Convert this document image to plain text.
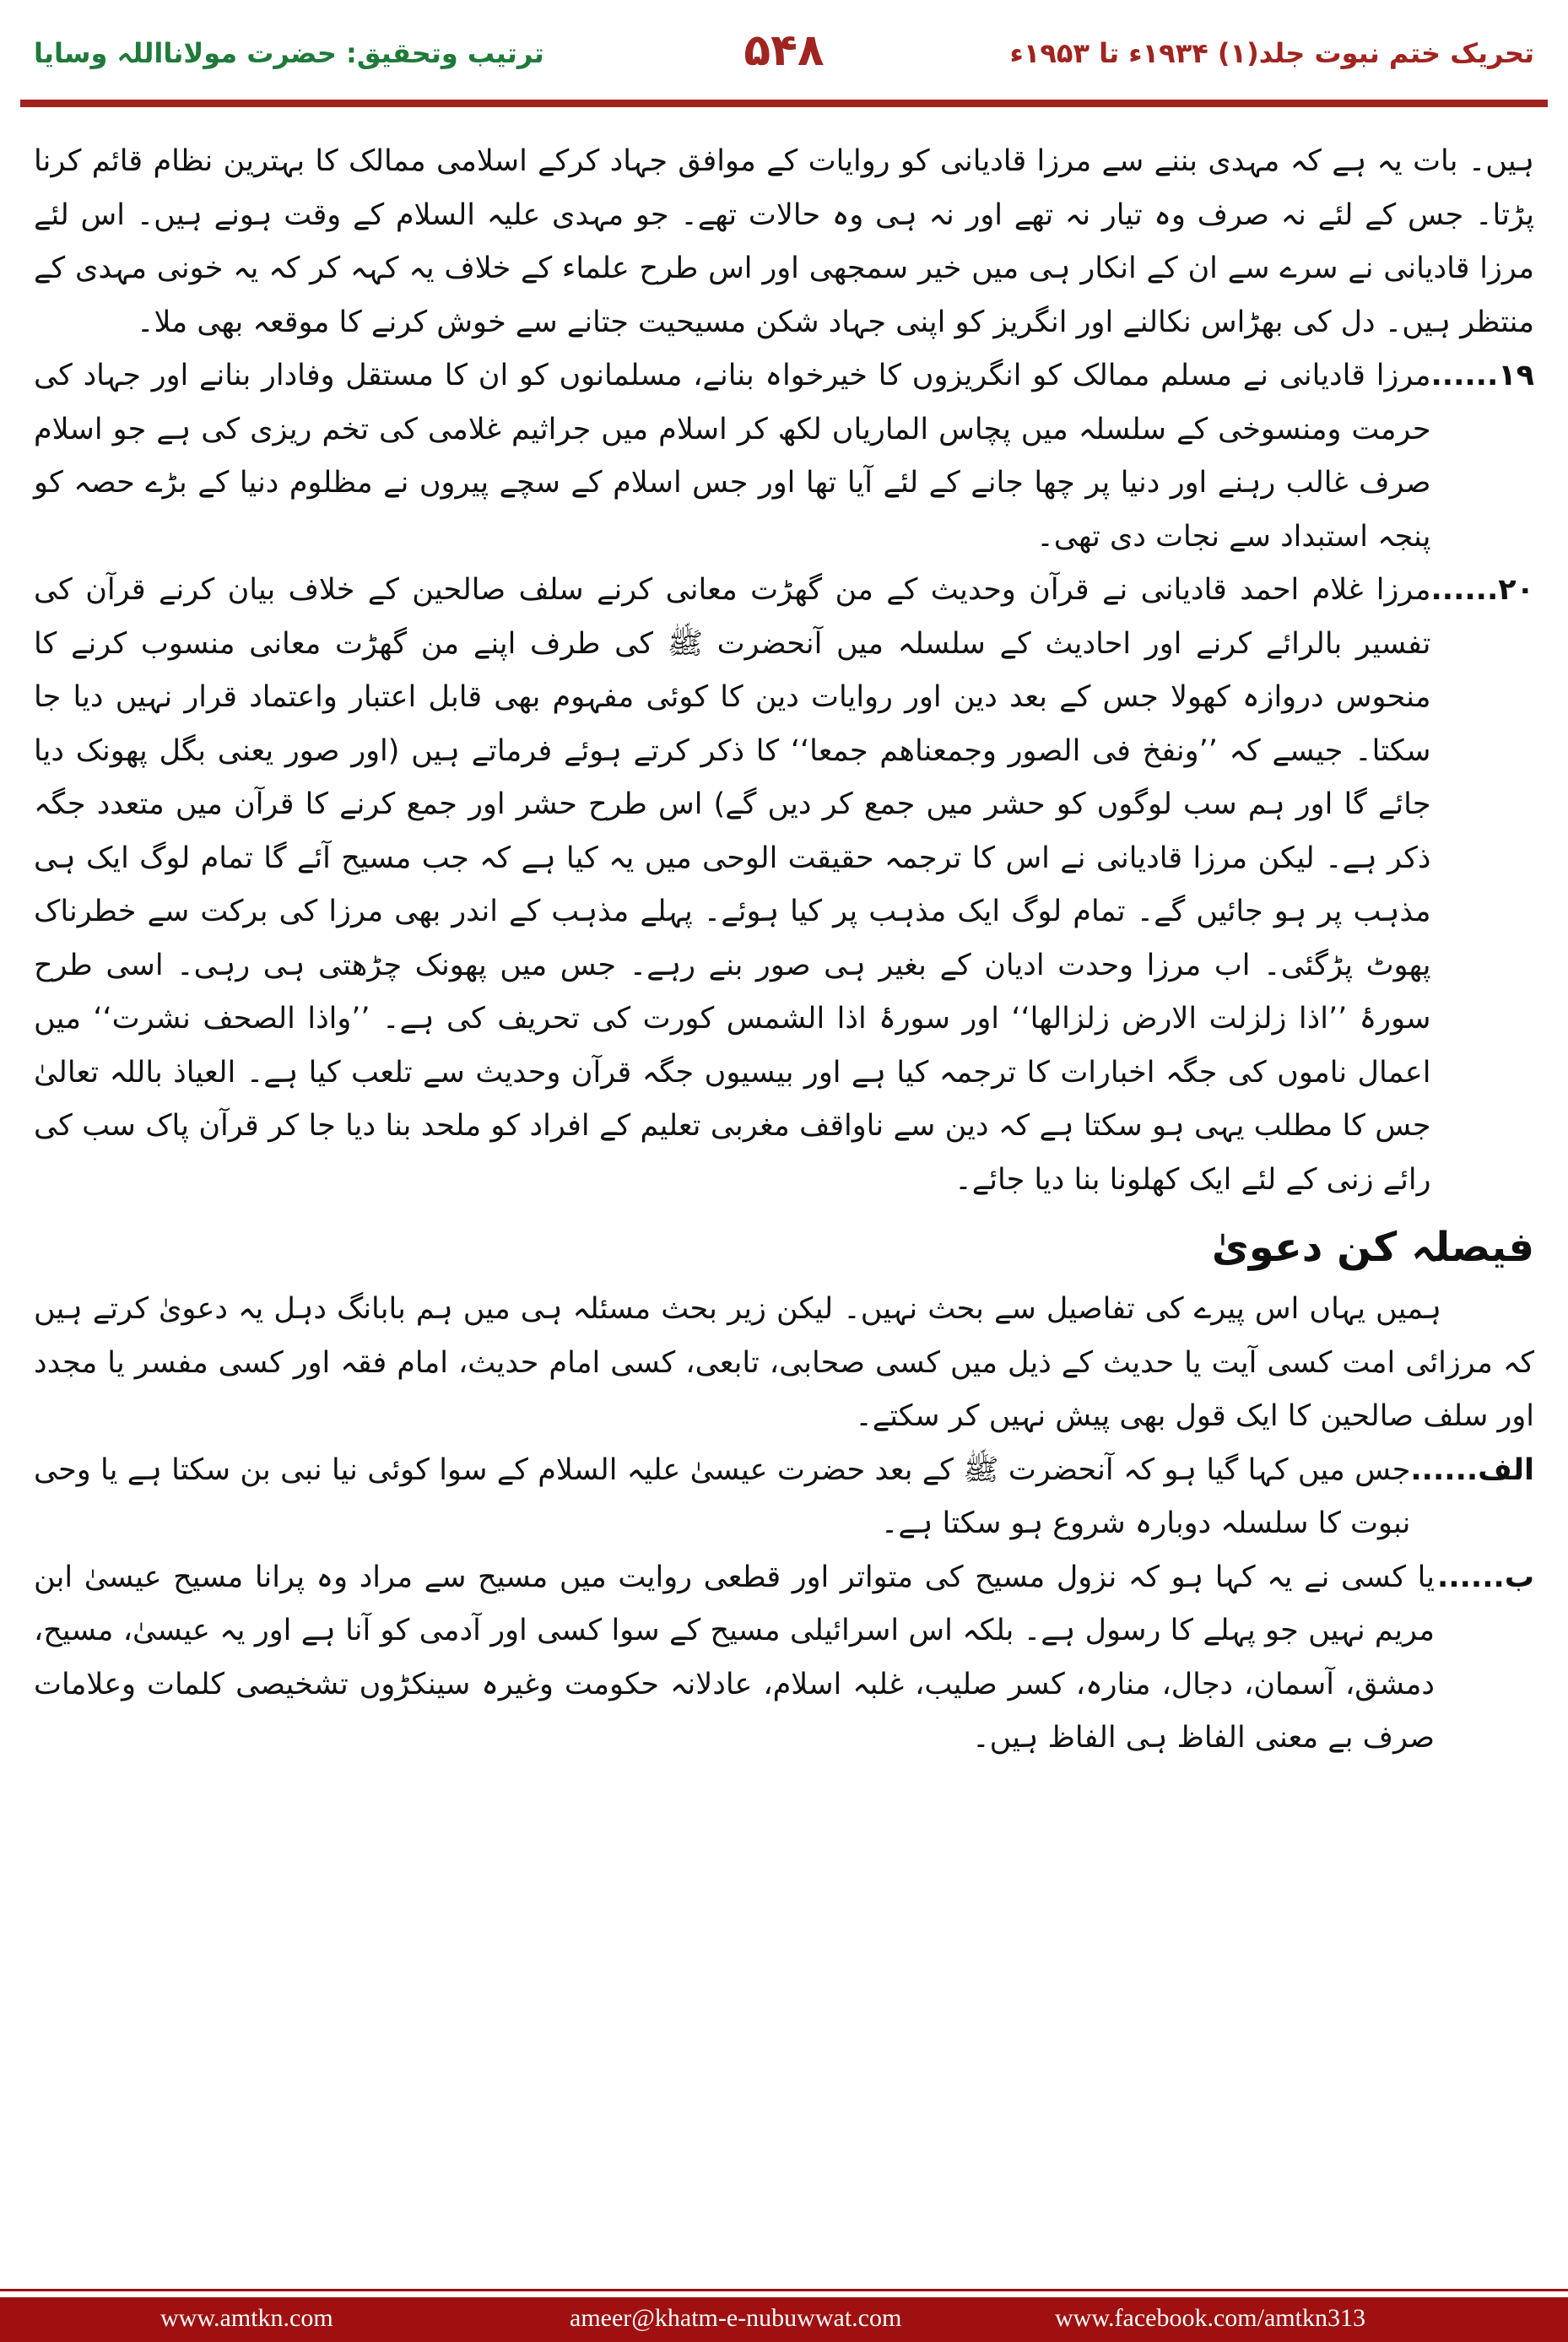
تحریک ختم نبوت جلد(۱) ۱۹۳۴ء تا ۱۹۵۳ء
۵۴۸
ترتیب وتحقیق: حضرت مولانااللہ وسایا

ہیں۔ بات یہ ہے کہ مہدی بننے سے مرزا قادیانی کو روایات کے موافق جہاد کرکے اسلامی ممالک کا بہترین نظام قائم کرنا پڑتا۔ جس کے لئے نہ صرف وہ تیار نہ تھے اور نہ ہی وہ حالات تھے۔ جو مہدی علیہ السلام کے وقت ہونے ہیں۔ اس لئے مرزا قادیانی نے سرے سے ان کے انکار ہی میں خیر سمجھی اور اس طرح علماء کے خلاف یہ کہہ کر کہ یہ خونی مہدی کے منتظر ہیں۔ دل کی بھڑاس نکالنے اور انگریز کو اپنی جہاد شکن مسیحیت جتانے سے خوش کرنے کا موقعہ بھی ملا۔

۱۹......
مرزا قادیانی نے مسلم ممالک کو انگریزوں کا خیرخواہ بنانے، مسلمانوں کو ان کا مستقل وفادار بنانے اور جہاد کی حرمت ومنسوخی کے سلسلہ میں پچاس الماریاں لکھ کر اسلام میں جراثیم غلامی کی تخم ریزی کی ہے جو اسلام صرف غالب رہنے اور دنیا پر چھا جانے کے لئے آیا تھا اور جس اسلام کے سچے پیروں نے مظلوم دنیا کے بڑے حصہ کو پنجہ استبداد سے نجات دی تھی۔
۲۰......
مرزا غلام احمد قادیانی نے قرآن وحدیث کے من گھڑت معانی کرنے سلف صالحین کے خلاف بیان کرنے قرآن کی تفسیر بالرائے کرنے اور احادیث کے سلسلہ میں آنحضرت ﷺ کی طرف اپنے من گھڑت معانی منسوب کرنے کا منحوس دروازہ کھولا جس کے بعد دین اور روایات دین کا کوئی مفہوم بھی قابل اعتبار واعتماد قرار نہیں دیا جا سکتا۔ جیسے کہ ’’ونفخ فی الصور وجمعناھم جمعا‘‘ کا ذکر کرتے ہوئے فرماتے ہیں (اور صور یعنی بگل پھونک دیا جائے گا اور ہم سب لوگوں کو حشر میں جمع کر دیں گے) اس طرح حشر اور جمع کرنے کا قرآن میں متعدد جگہ ذکر ہے۔ لیکن مرزا قادیانی نے اس کا ترجمہ حقیقت الوحی میں یہ کیا ہے کہ جب مسیح آئے گا تمام لوگ ایک ہی مذہب پر ہو جائیں گے۔ تمام لوگ ایک مذہب پر کیا ہوئے۔ پہلے مذہب کے اندر بھی مرزا کی برکت سے خطرناک پھوٹ پڑگئی۔ اب مرزا وحدت ادیان کے بغیر ہی صور بنے رہے۔ جس میں پھونک چڑھتی ہی رہی۔ اسی طرح سورۂ ’’اذا زلزلت الارض زلزالھا‘‘ اور سورۂ اذا الشمس کورت کی تحریف کی ہے۔ ’’واذا الصحف نشرت‘‘ میں اعمال ناموں کی جگہ اخبارات کا ترجمہ کیا ہے اور بیسیوں جگہ قرآن وحدیث سے تلعب کیا ہے۔ العیاذ باللہ تعالیٰ جس کا مطلب یہی ہو سکتا ہے کہ دین سے ناواقف مغربی تعلیم کے افراد کو ملحد بنا دیا جا کر قرآن پاک سب کی رائے زنی کے لئے ایک کھلونا بنا دیا جائے۔
فیصلہ کن دعویٰ

ہمیں یہاں اس پیرے کی تفاصیل سے بحث نہیں۔ لیکن زیر بحث مسئلہ ہی میں ہم بابانگ دہل یہ دعویٰ کرتے ہیں کہ مرزائی امت کسی آیت یا حدیث کے ذیل میں کسی صحابی، تابعی، کسی امام حدیث، امام فقہ اور کسی مفسر یا مجدد اور سلف صالحین کا ایک قول بھی پیش نہیں کر سکتے۔

الف......
جس میں کہا گیا ہو کہ آنحضرت ﷺ کے بعد حضرت عیسیٰ علیہ السلام کے سوا کوئی نیا نبی بن سکتا ہے یا وحی نبوت کا سلسلہ دوبارہ شروع ہو سکتا ہے۔
ب......
یا کسی نے یہ کہا ہو کہ نزول مسیح کی متواتر اور قطعی روایت میں مسیح سے مراد وہ پرانا مسیح عیسیٰ ابن مریم نہیں جو پہلے کا رسول ہے۔ بلکہ اس اسرائیلی مسیح کے سوا کسی اور آدمی کو آنا ہے اور یہ عیسیٰ، مسیح، دمشق، آسمان، دجال، منارہ، کسر صلیب، غلبہ اسلام، عادلانہ حکومت وغیرہ سینکڑوں تشخیصی کلمات وعلامات صرف بے معنی الفاظ ہی الفاظ ہیں۔
www.amtkn.com	ameer@khatm-e-nubuwwat.com	www.facebook.com/amtkn313
